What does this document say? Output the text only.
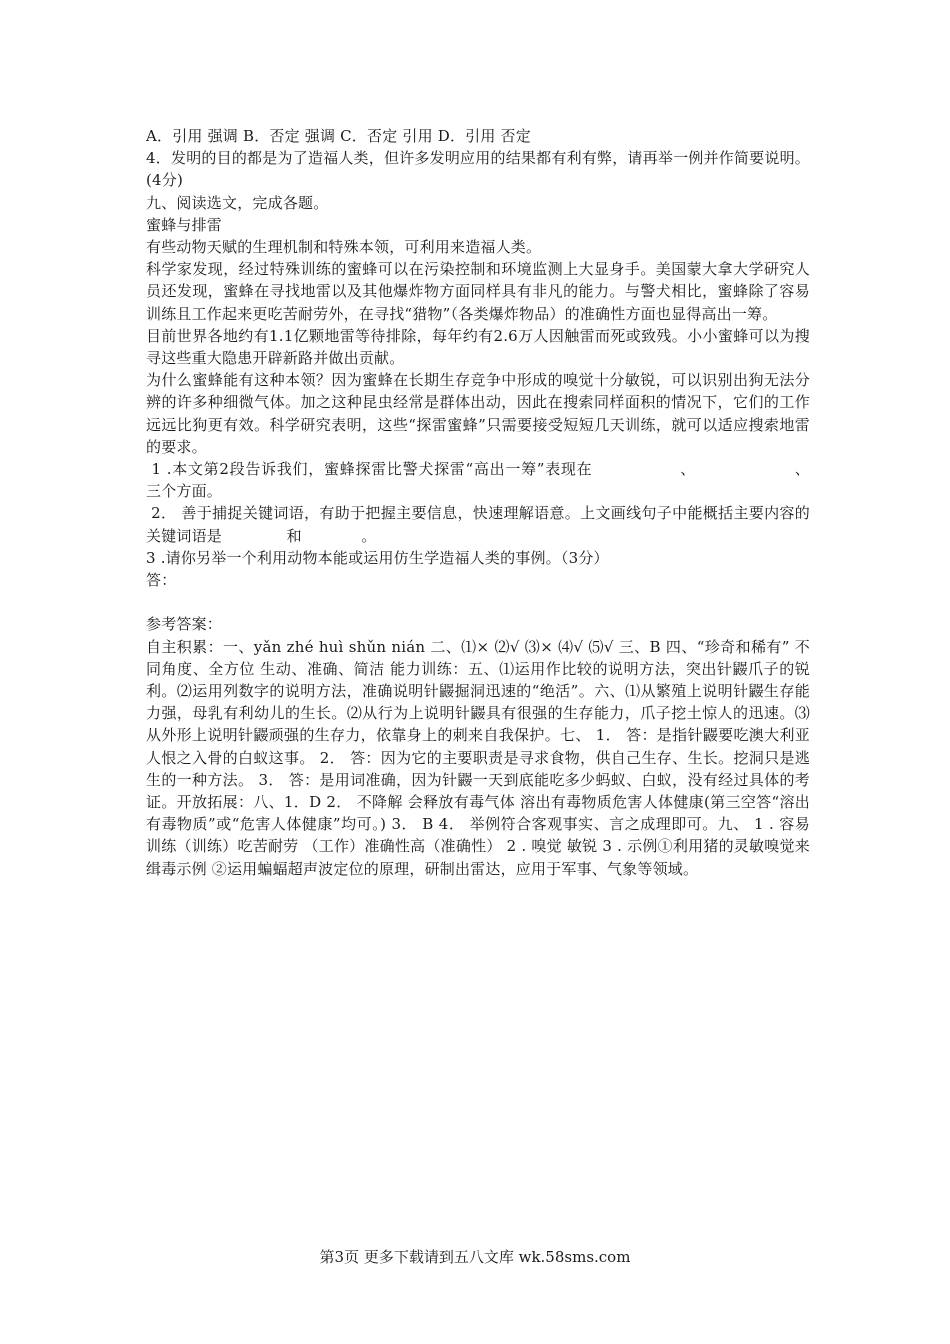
A．引用 强调 B．否定 强调 C．否定 引用 D．引用 否定

4．发明的目的都是为了造福人类，但许多发明应用的结果都有利有弊，请再举一例并作简要说明。(4分)

九、阅读选文，完成各题。

蜜蜂与排雷

有些动物天赋的生理机制和特殊本领，可利用来造福人类。

科学家发现，经过特殊训练的蜜蜂可以在污染控制和环境监测上大显身手。美国蒙大拿大学研究人员还发现，蜜蜂在寻找地雷以及其他爆炸物方面同样具有非凡的能力。与警犬相比，蜜蜂除了容易训练且工作起来更吃苦耐劳外，在寻找“猎物”（各类爆炸物品）的准确性方面也显得高出一筹。

目前世界各地约有1.1亿颗地雷等待排除，每年约有2.6万人因触雷而死或致残。小小蜜蜂可以为搜寻这些重大隐患开辟新路并做出贡献。

为什么蜜蜂能有这种本领？因为蜜蜂在长期生存竞争中形成的嗅觉十分敏锐，可以识别出狗无法分辨的许多种细微气体。加之这种昆虫经常是群体出动，因此在搜索同样面积的情况下，它们的工作远远比狗更有效。科学研究表明，这些“探雷蜜蜂”只需要接受短短几天训练，就可以适应搜索地雷的要求。

1 .本文第2段告诉我们，蜜蜂探雷比警犬探雷“高出一筹”表现在                、                  、                   三个方面。

2． 善于捕捉关键词语，有助于把握主要信息，快速理解语意。上文画线句子中能概括主要内容的关键词语是             和            。

3 .请你另举一个利用动物本能或运用仿生学造福人类的事例。（3分）

答：

参考答案：

自主积累：一、yǎn zhé huì shǔn nián 二、⑴× ⑵√ ⑶× ⑷√ ⑸√ 三、B 四、“珍奇和稀有” 不同角度、全方位 生动、准确、简洁 能力训练：五、⑴运用作比较的说明方法，突出针鼹爪子的锐利。⑵运用列数字的说明方法，准确说明针鼹掘洞迅速的“绝活”。六、⑴从繁殖上说明针鼹生存能力强，母乳有利幼儿的生长。⑵从行为上说明针鼹具有很强的生存能力，爪子挖土惊人的迅速。⑶从外形上说明针鼹顽强的生存力，依靠身上的刺来自我保护。七、 1． 答：是指针鼹要吃澳大利亚人恨之入骨的白蚁这事。 2． 答：因为它的主要职责是寻求食物，供自己生存、生长。挖洞只是逃生的一种方法。 3． 答：是用词准确，因为针鼹一天到底能吃多少蚂蚁、白蚁，没有经过具体的考证。开放拓展：八、1．D 2． 不降解 会释放有毒气体 溶出有毒物质危害人体健康(第三空答“溶出有毒物质”或“危害人体健康”均可。) 3． B 4． 举例符合客观事实、言之成理即可。九、 1 . 容易训练（训练）吃苦耐劳 （工作）准确性高（准确性） 2 . 嗅觉 敏锐 3 . 示例①利用猪的灵敏嗅觉来缉毒示例 ②运用蝙蝠超声波定位的原理，研制出雷达，应用于军事、气象等领域。

第3页 更多下载请到五八文库 wk.58sms.com
